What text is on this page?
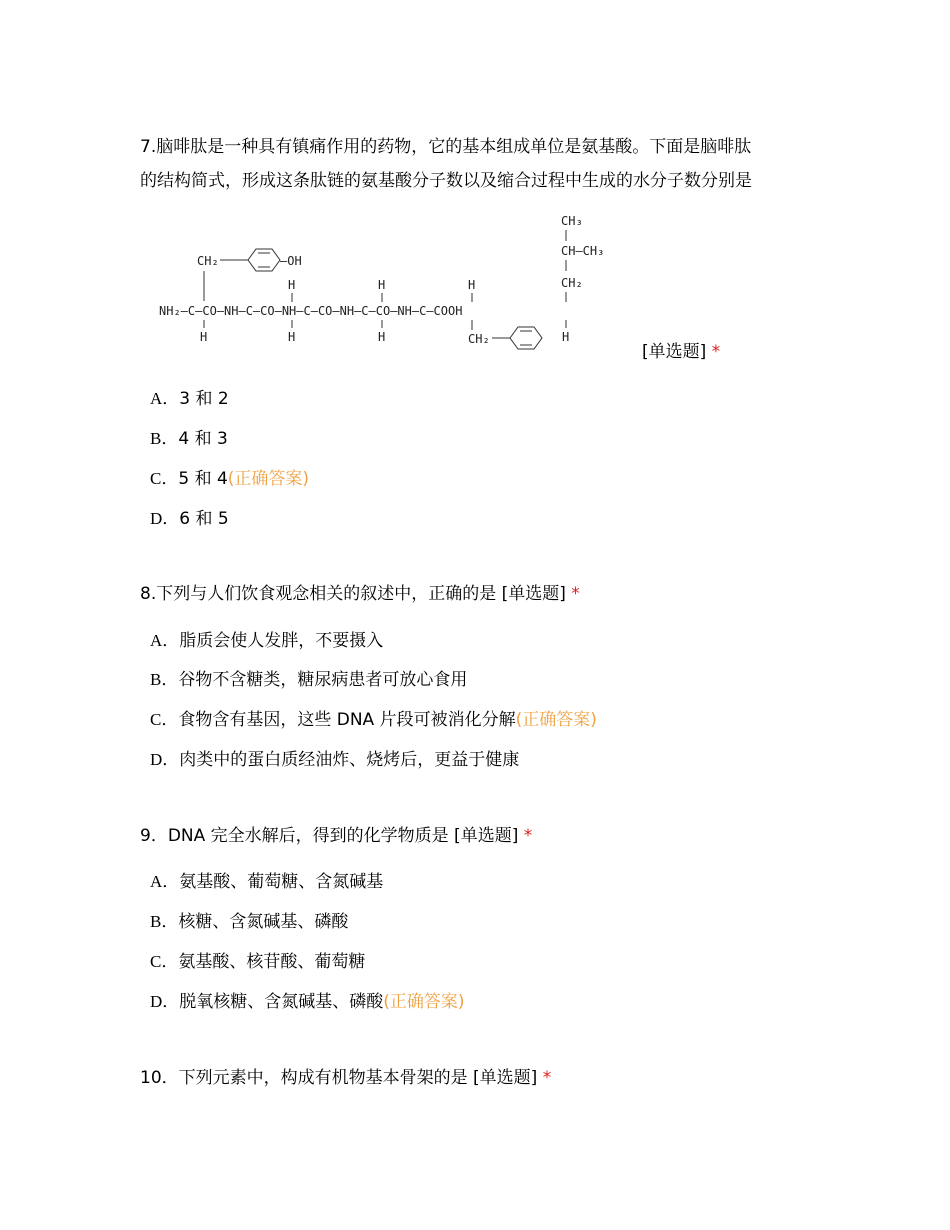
7.脑啡肽是一种具有镇痛作用的药物，它的基本组成单位是氨基酸。下面是脑啡肽
的结构简式，形成这条肽链的氨基酸分子数以及缩合过程中生成的水分子数分别是
CH₂	—OH
H	H	H
CH₃
CH—CH₃
CH₂
NH₂—C—CO—NH—C—CO—NH—C—CO—NH—C—CO—NH—C—COOH
H	H	H	H
CH₂
[单选题] *
A．3 和 2
B．4 和 3
C．5 和 4(正确答案)
D．6 和 5
8.下列与人们饮食观念相关的叙述中，正确的是 [单选题] *
A．脂质会使人发胖，不要摄入
B．谷物不含糖类，糖尿病患者可放心食用
C．食物含有基因，这些 DNA 片段可被消化分解(正确答案)
D．肉类中的蛋白质经油炸、烧烤后，更益于健康
9．DNA 完全水解后，得到的化学物质是 [单选题] *
A．氨基酸、葡萄糖、含氮碱基
B．核糖、含氮碱基、磷酸
C．氨基酸、核苷酸、葡萄糖
D．脱氧核糖、含氮碱基、磷酸(正确答案)
10．下列元素中，构成有机物基本骨架的是 [单选题] *
